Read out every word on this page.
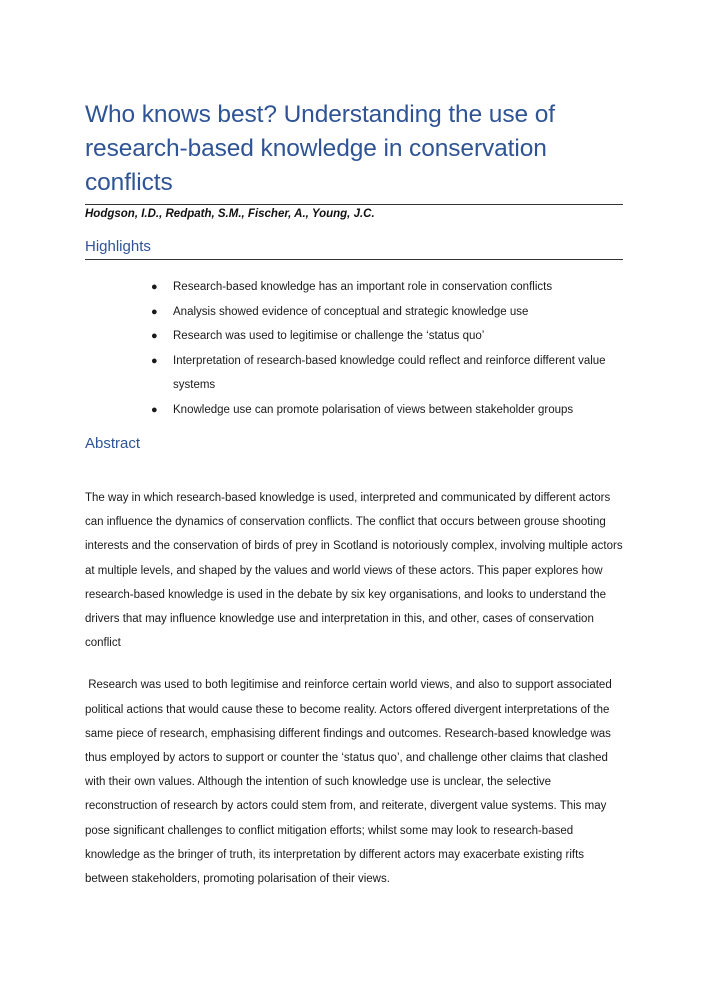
Who knows best? Understanding the use of research-based knowledge in conservation conflicts

Hodgson, I.D., Redpath, S.M., Fischer, A., Young, J.C.

Highlights
● Research-based knowledge has an important role in conservation conflicts
● Analysis showed evidence of conceptual and strategic knowledge use
● Research was used to legitimise or challenge the ‘status quo’
● Interpretation of research-based knowledge could reflect and reinforce different value systems
● Knowledge use can promote polarisation of views between stakeholder groups
Abstract

The way in which research-based knowledge is used, interpreted and communicated by different actors can influence the dynamics of conservation conflicts. The conflict that occurs between grouse shooting interests and the conservation of birds of prey in Scotland is notoriously complex, involving multiple actors at multiple levels, and shaped by the values and world views of these actors. This paper explores how research-based knowledge is used in the debate by six key organisations, and looks to understand the drivers that may influence knowledge use and interpretation in this, and other, cases of conservation conflict

Research was used to both legitimise and reinforce certain world views, and also to support associated political actions that would cause these to become reality. Actors offered divergent interpretations of the same piece of research, emphasising different findings and outcomes. Research-based knowledge was thus employed by actors to support or counter the ‘status quo’, and challenge other claims that clashed with their own values. Although the intention of such knowledge use is unclear, the selective reconstruction of research by actors could stem from, and reiterate, divergent value systems. This may pose significant challenges to conflict mitigation efforts; whilst some may look to research-based knowledge as the bringer of truth, its interpretation by different actors may exacerbate existing rifts between stakeholders, promoting polarisation of their views.
